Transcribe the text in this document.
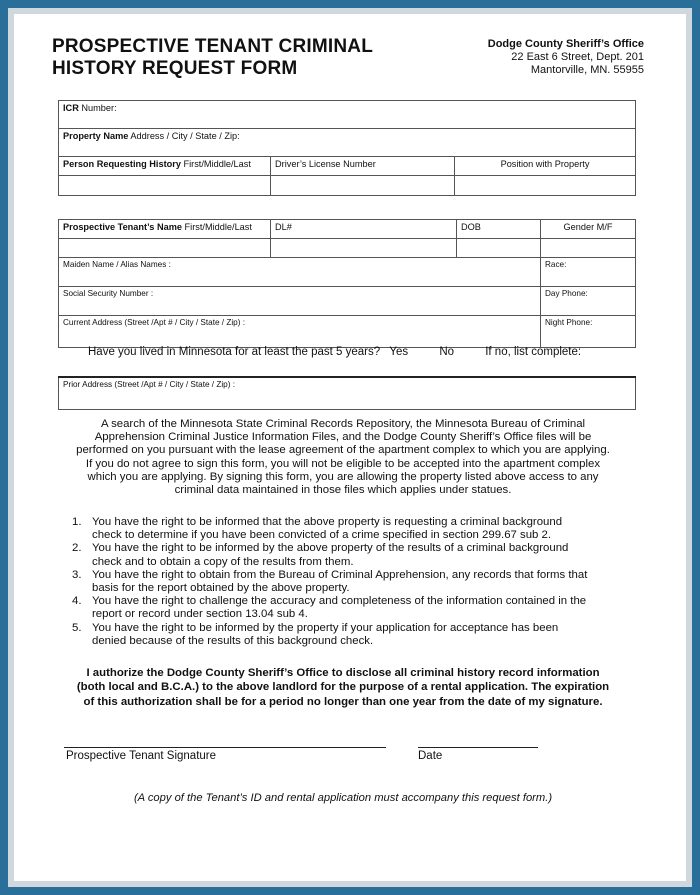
PROSPECTIVE TENANT CRIMINAL
HISTORY REQUEST FORM
Dodge County Sheriff’s Office
22 East 6 Street, Dept. 201
Mantorville, MN. 55955
ICR Number:		
Property Name Address / City / State / Zip:		
Person Requesting History First/Middle/Last	Driver’s License Number	Position with Property

Prospective Tenant’s Name First/Middle/Last	DL#	DOB	Gender M/F

Maiden Name / Alias Names :			Race:
Social Security Number :			Day Phone:
Current Address (Street /Apt # / City / State / Zip) :			Night Phone:
Have you lived in Minnesota for at least the past 5 years? Yes	No	If no, list complete:
Prior Address (Street /Apt # / City / State / Zip) :
A search of the Minnesota State Criminal Records Repository, the Minnesota Bureau of Criminal
Apprehension Criminal Justice Information Files, and the Dodge County Sheriff’s Office files will be
performed on you pursuant with the lease agreement of the apartment complex to which you are applying.
If you do not agree to sign this form, you will not be eligible to be accepted into the apartment complex
which you are applying. By signing this form, you are allowing the property listed above access to any
criminal data maintained in those files which applies under statues.
1. You have the right to be informed that the above property is requesting a criminal background
check to determine if you have been convicted of a crime specified in section 299.67 sub 2.
2. You have the right to be informed by the above property of the results of a criminal background
check and to obtain a copy of the results from them.
3. You have the right to obtain from the Bureau of Criminal Apprehension, any records that forms that
basis for the report obtained by the above property.
4. You have the right to challenge the accuracy and completeness of the information contained in the
report or record under section 13.04 sub 4.
5. You have the right to be informed by the property if your application for acceptance has been
denied because of the results of this background check.
I authorize the Dodge County Sheriff’s Office to disclose all criminal history record information
(both local and B.C.A.) to the above landlord for the purpose of a rental application. The expiration
of this authorization shall be for a period no longer than one year from the date of my signature.
Prospective Tenant Signature	Date
(A copy of the Tenant’s ID and rental application must accompany this request form.)
